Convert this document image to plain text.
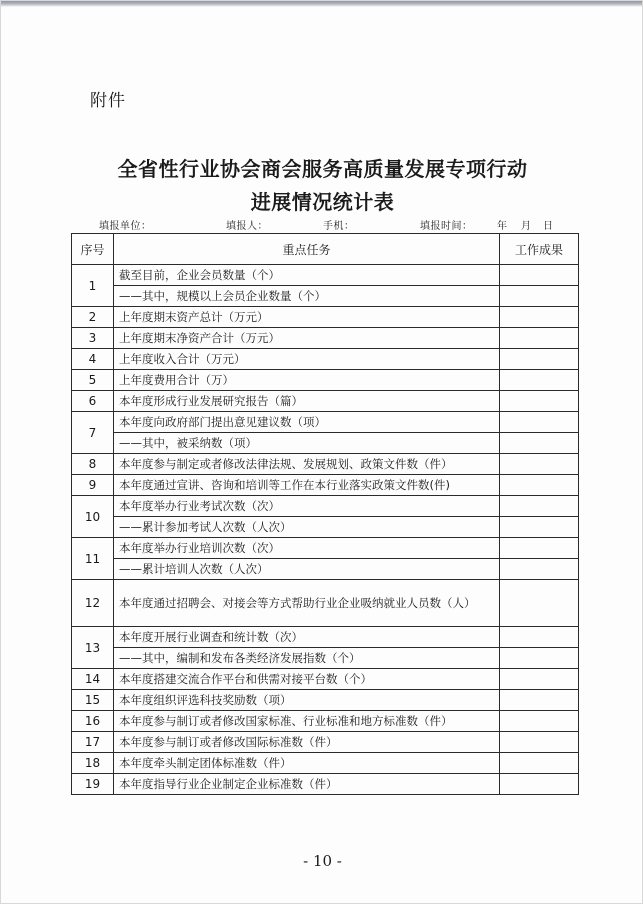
附件
全省性行业协会商会服务高质量发展专项行动
进展情况统计表
填报单位：	填报人：	手机：	填报时间： 年 月 日
序号	重点任务	工作成果
1	截至目前，企业会员数量（个）	
	——其中，规模以上会员企业数量（个）	
2	上年度期末资产总计（万元）	
3	上年度期末净资产合计（万元）	
4	上年度收入合计（万元）	
5	上年度费用合计（万）	
6	本年度形成行业发展研究报告（篇）	
7	本年度向政府部门提出意见建议数（项）	
	——其中，被采纳数（项）	
8	本年度参与制定或者修改法律法规、发展规划、政策文件数（件）	
9	本年度通过宣讲、咨询和培训等工作在本行业落实政策文件数(件)	
10	本年度举办行业考试次数（次）	
	——累计参加考试人次数（人次）	
11	本年度举办行业培训次数（次）	
	——累计培训人次数（人次）	
12	本年度通过招聘会、对接会等方式帮助行业企业吸纳就业人员数（人）	
13	本年度开展行业调查和统计数（次）	
	——其中，编制和发布各类经济发展指数（个）	
14	本年度搭建交流合作平台和供需对接平台数（个）	
15	本年度组织评选科技奖励数（项）	
16	本年度参与制订或者修改国家标准、行业标准和地方标准数（件）	
17	本年度参与制订或者修改国际标准数（件）	
18	本年度牵头制定团体标准数（件）	
19	本年度指导行业企业制定企业标准数（件）	
- 10 -
